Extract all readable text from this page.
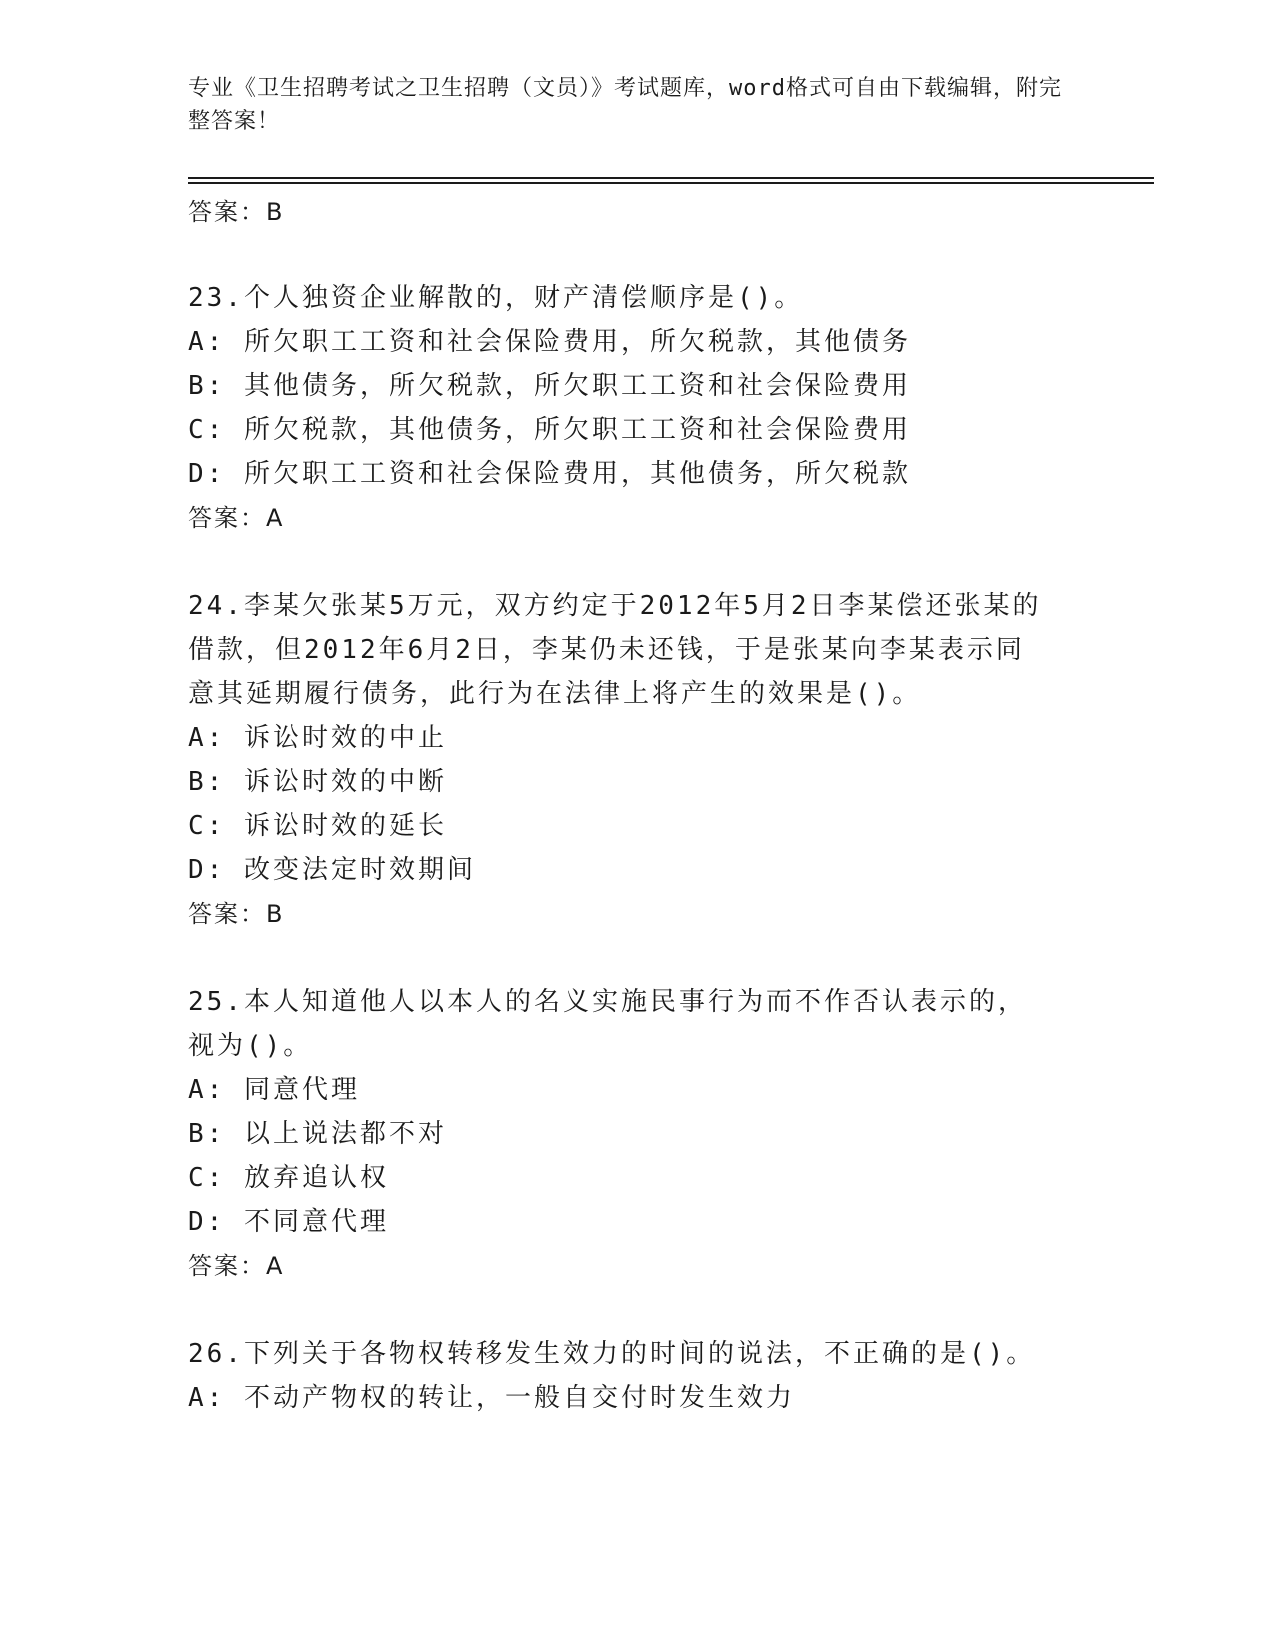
专业《卫生招聘考试之卫生招聘（文员）》考试题库，word格式可自由下载编辑，附完整答案！
答案：B
23.个人独资企业解散的，财产清偿顺序是()。
A: 所欠职工工资和社会保险费用，所欠税款，其他债务
B: 其他债务，所欠税款，所欠职工工资和社会保险费用
C: 所欠税款，其他债务，所欠职工工资和社会保险费用
D: 所欠职工工资和社会保险费用，其他债务，所欠税款
答案：A
24.李某欠张某5万元，双方约定于2012年5月2日李某偿还张某的借款，但2012年6月2日，李某仍未还钱，于是张某向李某表示同意其延期履行债务，此行为在法律上将产生的效果是()。
A: 诉讼时效的中止
B: 诉讼时效的中断
C: 诉讼时效的延长
D: 改变法定时效期间
答案：B
25.本人知道他人以本人的名义实施民事行为而不作否认表示的，视为()。
A: 同意代理
B: 以上说法都不对
C: 放弃追认权
D: 不同意代理
答案：A
26.下列关于各物权转移发生效力的时间的说法，不正确的是()。
A: 不动产物权的转让，一般自交付时发生效力
